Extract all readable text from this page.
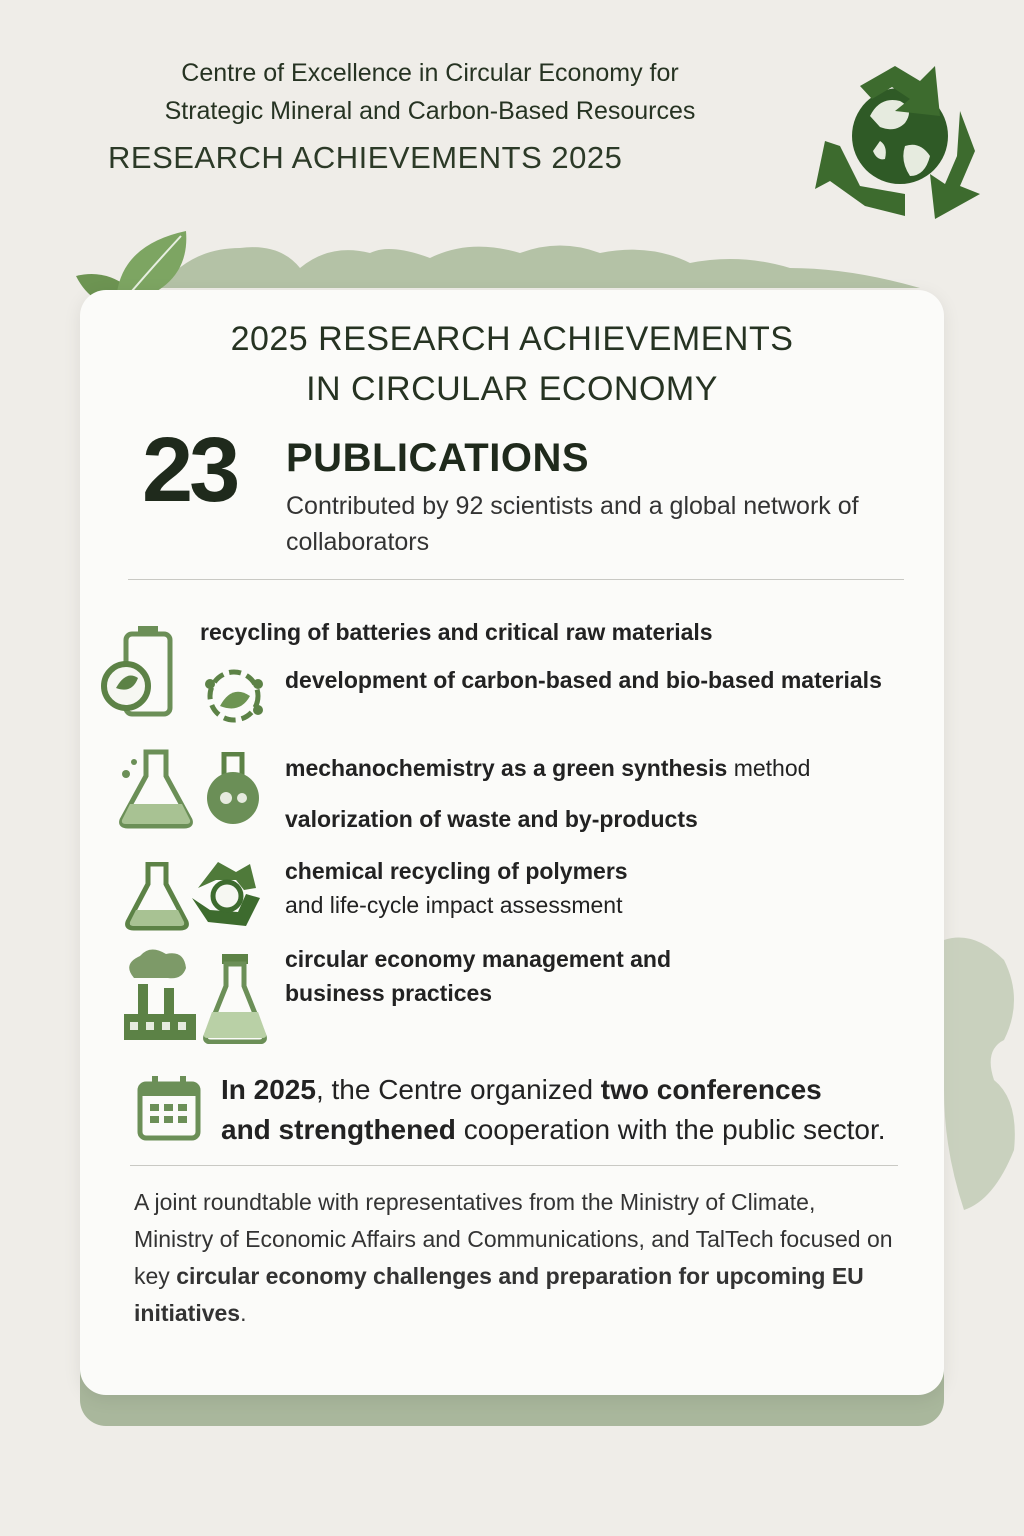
Centre of Excellence in Circular Economy for
Strategic Mineral and Carbon-Based Resources
RESEARCH ACHIEVEMENTS 2025
2025 RESEARCH ACHIEVEMENTS
IN CIRCULAR ECONOMY
23 PUBLICATIONS
Contributed by 92 scientists and a global network of collaborators
recycling of batteries and critical raw materials
development of carbon-based and bio-based materials
mechanochemistry as a green synthesis method
valorization of waste and by-products
chemical recycling of polymers
and life-cycle impact assessment
circular economy management and business practices
In 2025, the Centre organized two conferences
and strengthened cooperation with the public sector.
A joint roundtable with representatives from the Ministry of Climate, Ministry of Economic Affairs and Communications, and TalTech focused on key circular economy challenges and preparation for upcoming EU initiatives.
